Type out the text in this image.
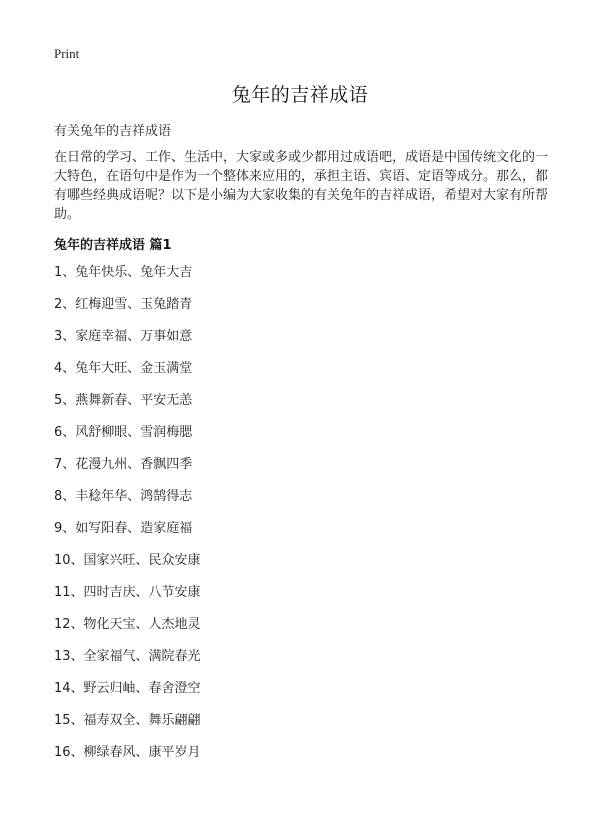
Print
兔年的吉祥成语
有关兔年的吉祥成语

在日常的学习、工作、生活中，大家或多或少都用过成语吧，成语是中国传统文化的一大特色，在语句中是作为一个整体来应用的，承担主语、宾语、定语等成分。那么，都有哪些经典成语呢？以下是小编为大家收集的有关兔年的吉祥成语，希望对大家有所帮助。

兔年的吉祥成语 篇1
1、兔年快乐、兔年大吉
2、红梅迎雪、玉兔踏青
3、家庭幸福、万事如意
4、兔年大旺、金玉满堂
5、燕舞新春、平安无恙
6、风舒柳眼、雪润梅腮
7、花漫九州、香飘四季
8、丰稔年华、鸿鹄得志
9、如写阳春、造家庭福
10、国家兴旺、民众安康
11、四时吉庆、八节安康
12、物化天宝、人杰地灵
13、全家福气、满院春光
14、野云归岫、春舍澄空
15、福寿双全、舞乐翩翩
16、柳绿春风、康平岁月
